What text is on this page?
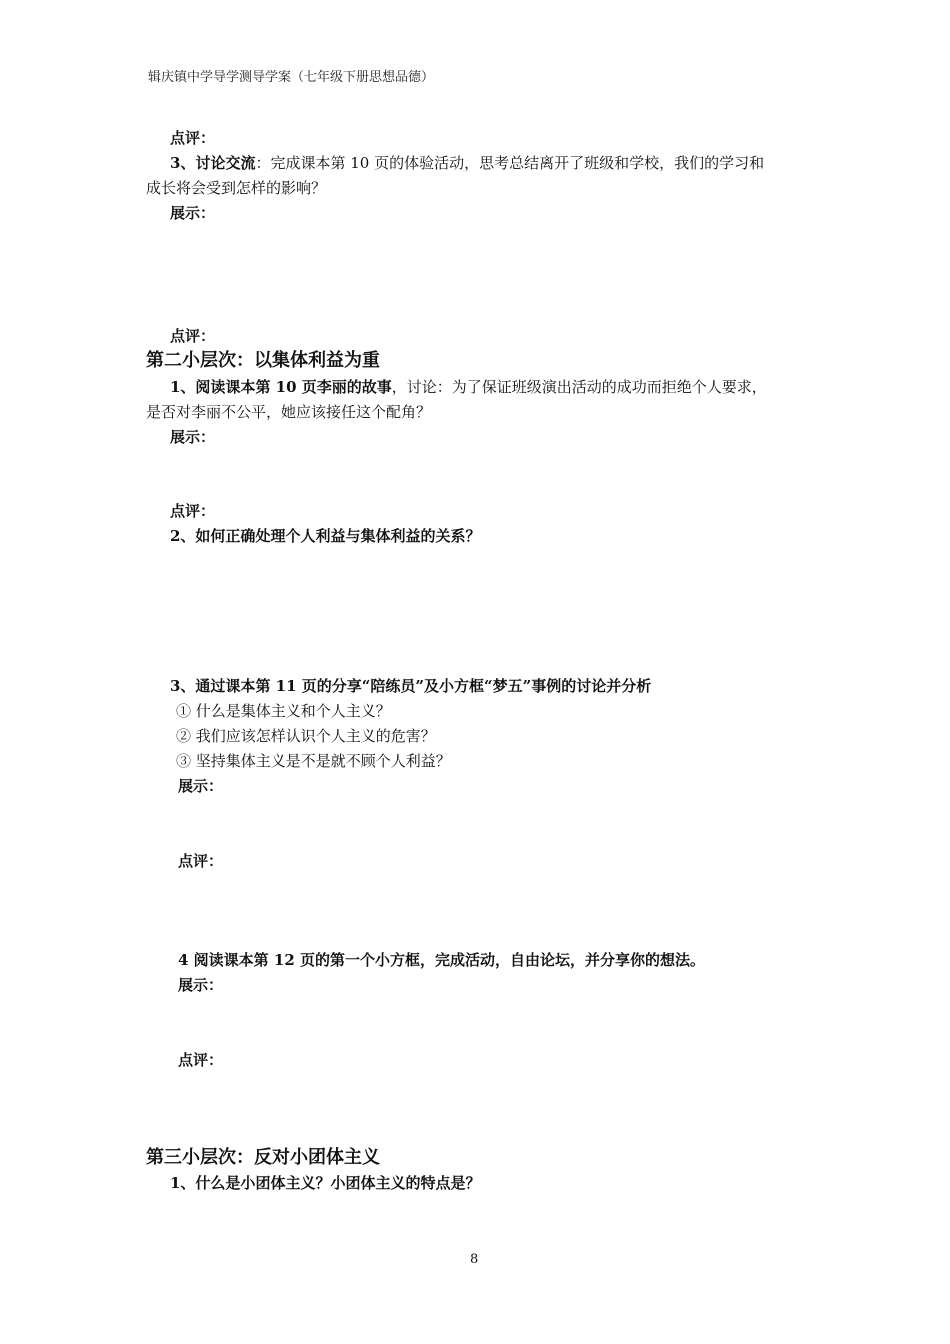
辑庆镇中学导学测导学案（七年级下册思想品德）
点评：
3、讨论交流：完成课本第 10 页的体验活动，思考总结离开了班级和学校，我们的学习和
成长将会受到怎样的影响？
展示：
点评：
第二小层次：以集体利益为重
1、阅读课本第 10 页李丽的故事，讨论：为了保证班级演出活动的成功而拒绝个人要求，
是否对李丽不公平，她应该接任这个配角？
展示：
点评：
2、如何正确处理个人利益与集体利益的关系？
3、通过课本第 11 页的分享“陪练员”及小方框“梦五”事例的讨论并分析
① 什么是集体主义和个人主义？
② 我们应该怎样认识个人主义的危害？
③ 坚持集体主义是不是就不顾个人利益？
展示：
点评：
4 阅读课本第 12 页的第一个小方框，完成活动，自由论坛，并分享你的想法。
展示：
点评：
第三小层次：反对小团体主义
1、什么是小团体主义？小团体主义的特点是？
8
